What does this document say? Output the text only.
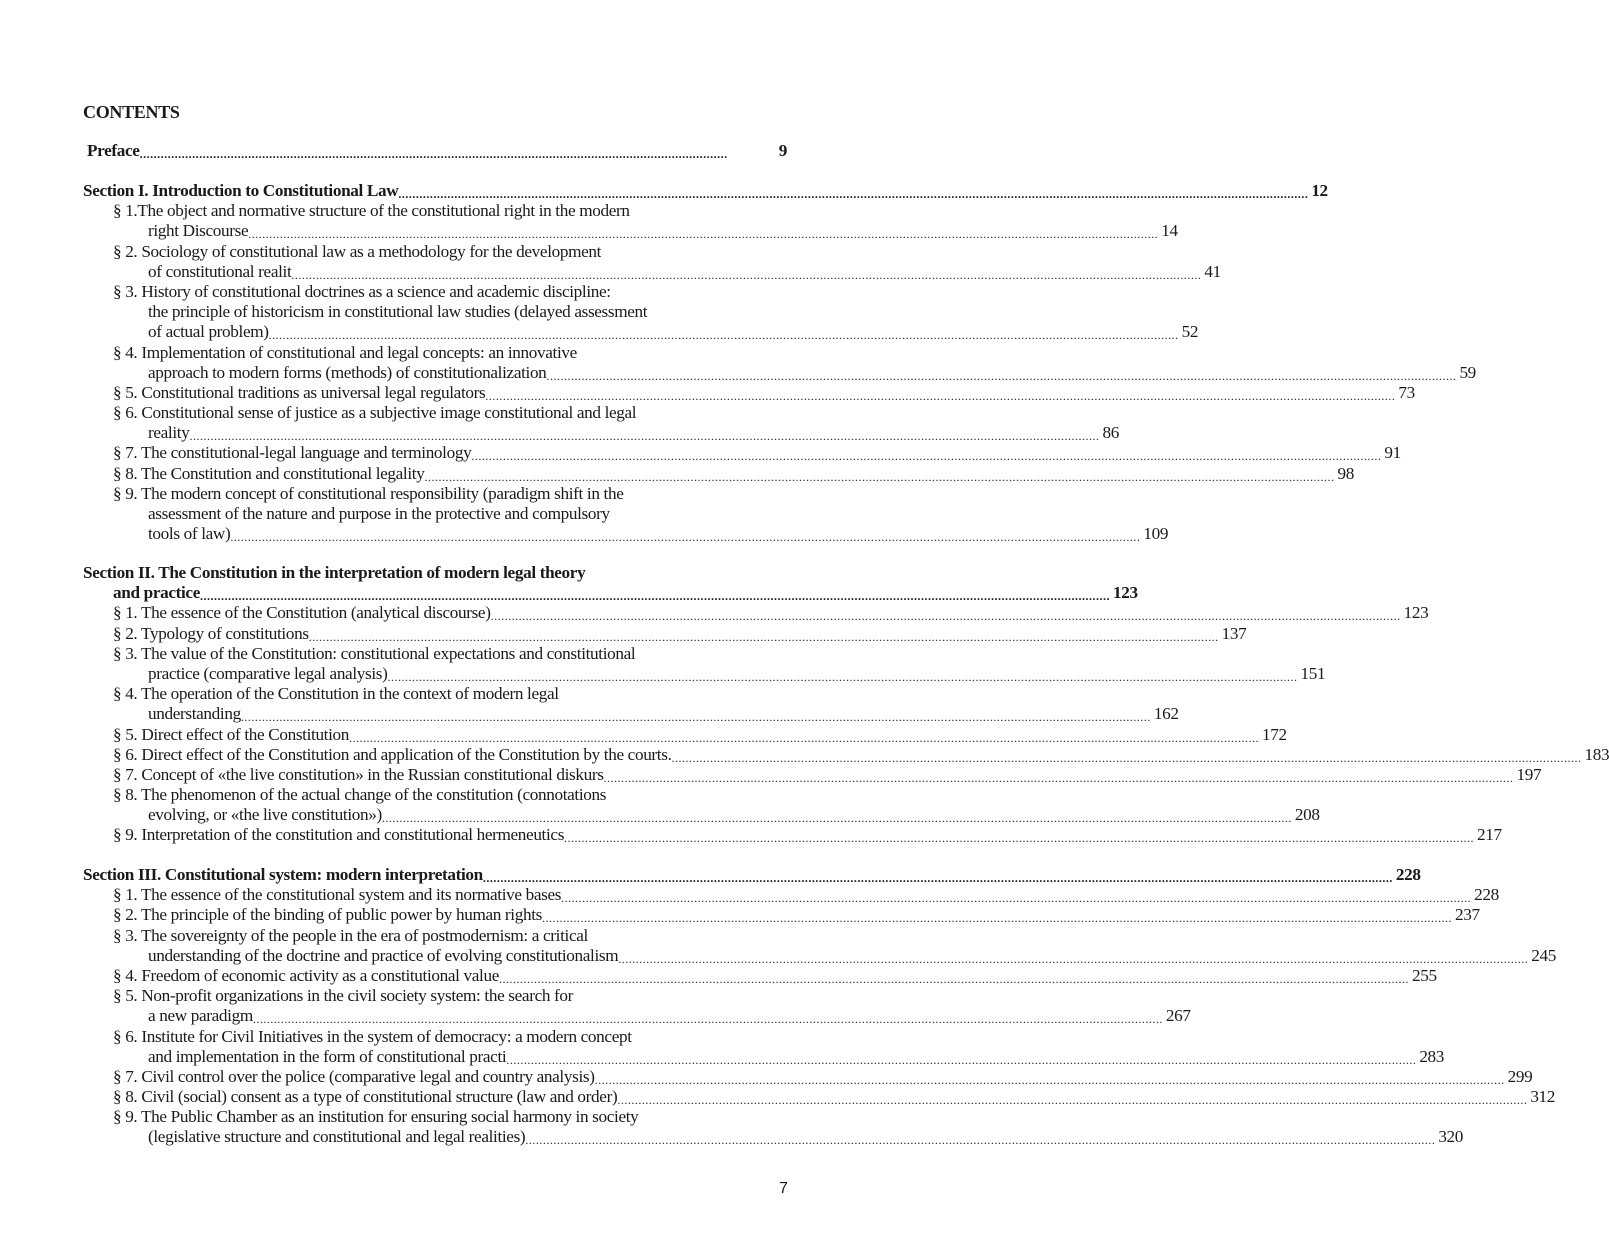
CONTENTS
Preface ........................................................................................................................................................................	9
Section I. Introduction to Constitutional Law .................................................................................................................................................................................................................................................................... 12
§ 1.The object and normative structure of the constitutional right in the modern
right Discourse .................................................................................................................................................................................................................................................................... 14
§ 2. Sociology of constitutional law as a methodology for the development
of constitutional realit .................................................................................................................................................................................................................................................................... 41
§ 3. History of constitutional doctrines as a science and academic discipline:
the principle of historicism in constitutional law studies (delayed assessment
of actual problem) .................................................................................................................................................................................................................................................................... 52
§ 4. Implementation of constitutional and legal concepts: an innovative
approach to modern forms (methods) of constitutionalization .................................................................................................................................................................................................................................................................... 59
§ 5. Constitutional traditions as universal legal regulators .................................................................................................................................................................................................................................................................... 73
§ 6. Constitutional sense of justice as a subjective image constitutional and legal
reality .................................................................................................................................................................................................................................................................... 86
§ 7. The constitutional-legal language and terminology .................................................................................................................................................................................................................................................................... 91
§ 8. The Constitution and constitutional legality .................................................................................................................................................................................................................................................................... 98
§ 9. The modern concept of constitutional responsibility (paradigm shift in the
assessment of the nature and purpose in the protective and compulsory
tools of law) .................................................................................................................................................................................................................................................................... 109
Section II. The Constitution in the interpretation of modern legal theory
and practice .................................................................................................................................................................................................................................................................... 123
§ 1. The essence of the Constitution (analytical discourse) .................................................................................................................................................................................................................................................................... 123
§ 2. Typology of constitutions .................................................................................................................................................................................................................................................................... 137
§ 3. The value of the Constitution: constitutional expectations and constitutional
practice (comparative legal analysis) .................................................................................................................................................................................................................................................................... 151
§ 4. The operation of the Constitution in the context of modern legal
understanding .................................................................................................................................................................................................................................................................... 162
§ 5. Direct effect of the Constitution .................................................................................................................................................................................................................................................................... 172
§ 6. Direct effect of the Constitution and application of the Constitution by the courts. .................................................................................................................................................................................................................................................................... 183
§ 7. Concept of «the live constitution» in the Russian constitutional diskurs .................................................................................................................................................................................................................................................................... 197
§ 8. The phenomenon of the actual change of the constitution (connotations
evolving, or «the live constitution») .................................................................................................................................................................................................................................................................... 208
§ 9. Interpretation of the constitution and constitutional hermeneutics .................................................................................................................................................................................................................................................................... 217
Section III. Constitutional system: modern interpretation .................................................................................................................................................................................................................................................................... 228
§ 1. The essence of the constitutional system and its normative bases .................................................................................................................................................................................................................................................................... 228
§ 2. The principle of the binding of public power by human rights .................................................................................................................................................................................................................................................................... 237
§ 3. The sovereignty of the people in the era of postmodernism: a critical
understanding of the doctrine and practice of evolving constitutionalism .................................................................................................................................................................................................................................................................... 245
§ 4. Freedom of economic activity as a constitutional value .................................................................................................................................................................................................................................................................... 255
§ 5. Non-profit organizations in the civil society system: the search for
a new paradigm .................................................................................................................................................................................................................................................................... 267
§ 6. Institute for Civil Initiatives in the system of democracy: a modern concept
and implementation in the form of constitutional practi .................................................................................................................................................................................................................................................................... 283
§ 7. Civil control over the police (comparative legal and country analysis) .................................................................................................................................................................................................................................................................... 299
§ 8. Civil (social) consent as a type of constitutional structure (law and order) .................................................................................................................................................................................................................................................................... 312
§ 9. The Public Chamber as an institution for ensuring social harmony in society
(legislative structure and constitutional and legal realities) .................................................................................................................................................................................................................................................................... 320
7
